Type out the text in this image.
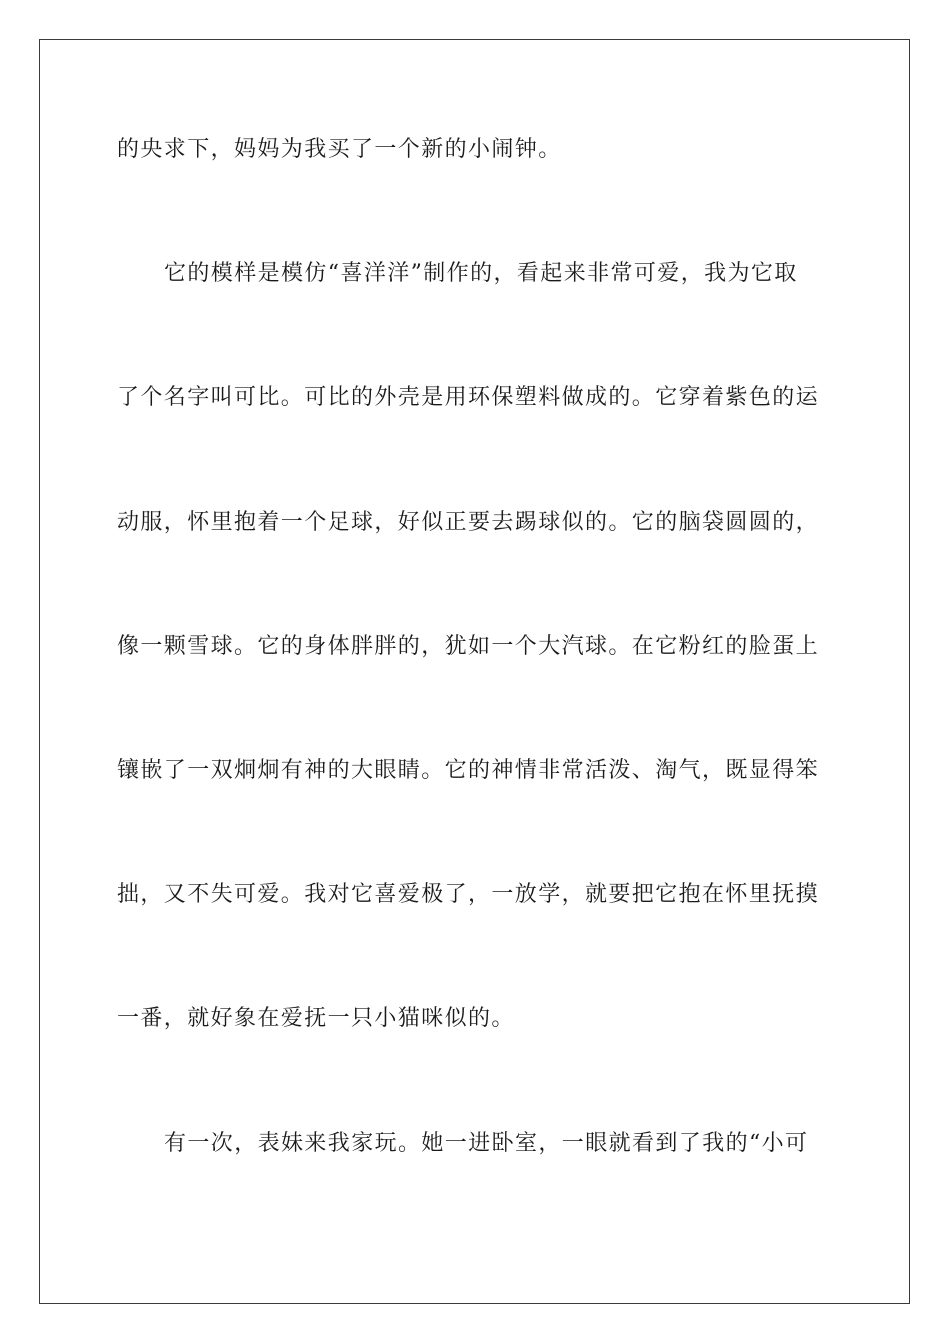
的央求下，妈妈为我买了一个新的小闹钟。
它的模样是模仿“喜洋洋”制作的，看起来非常可爱，我为它取
了个名字叫可比。可比的外壳是用环保塑料做成的。它穿着紫色的运
动服，怀里抱着一个足球，好似正要去踢球似的。它的脑袋圆圆的，
像一颗雪球。它的身体胖胖的，犹如一个大汽球。在它粉红的脸蛋上
镶嵌了一双炯炯有神的大眼睛。它的神情非常活泼、淘气，既显得笨
拙，又不失可爱。我对它喜爱极了，一放学，就要把它抱在怀里抚摸
一番，就好象在爱抚一只小猫咪似的。
有一次，表妹来我家玩。她一进卧室，一眼就看到了我的“小可
